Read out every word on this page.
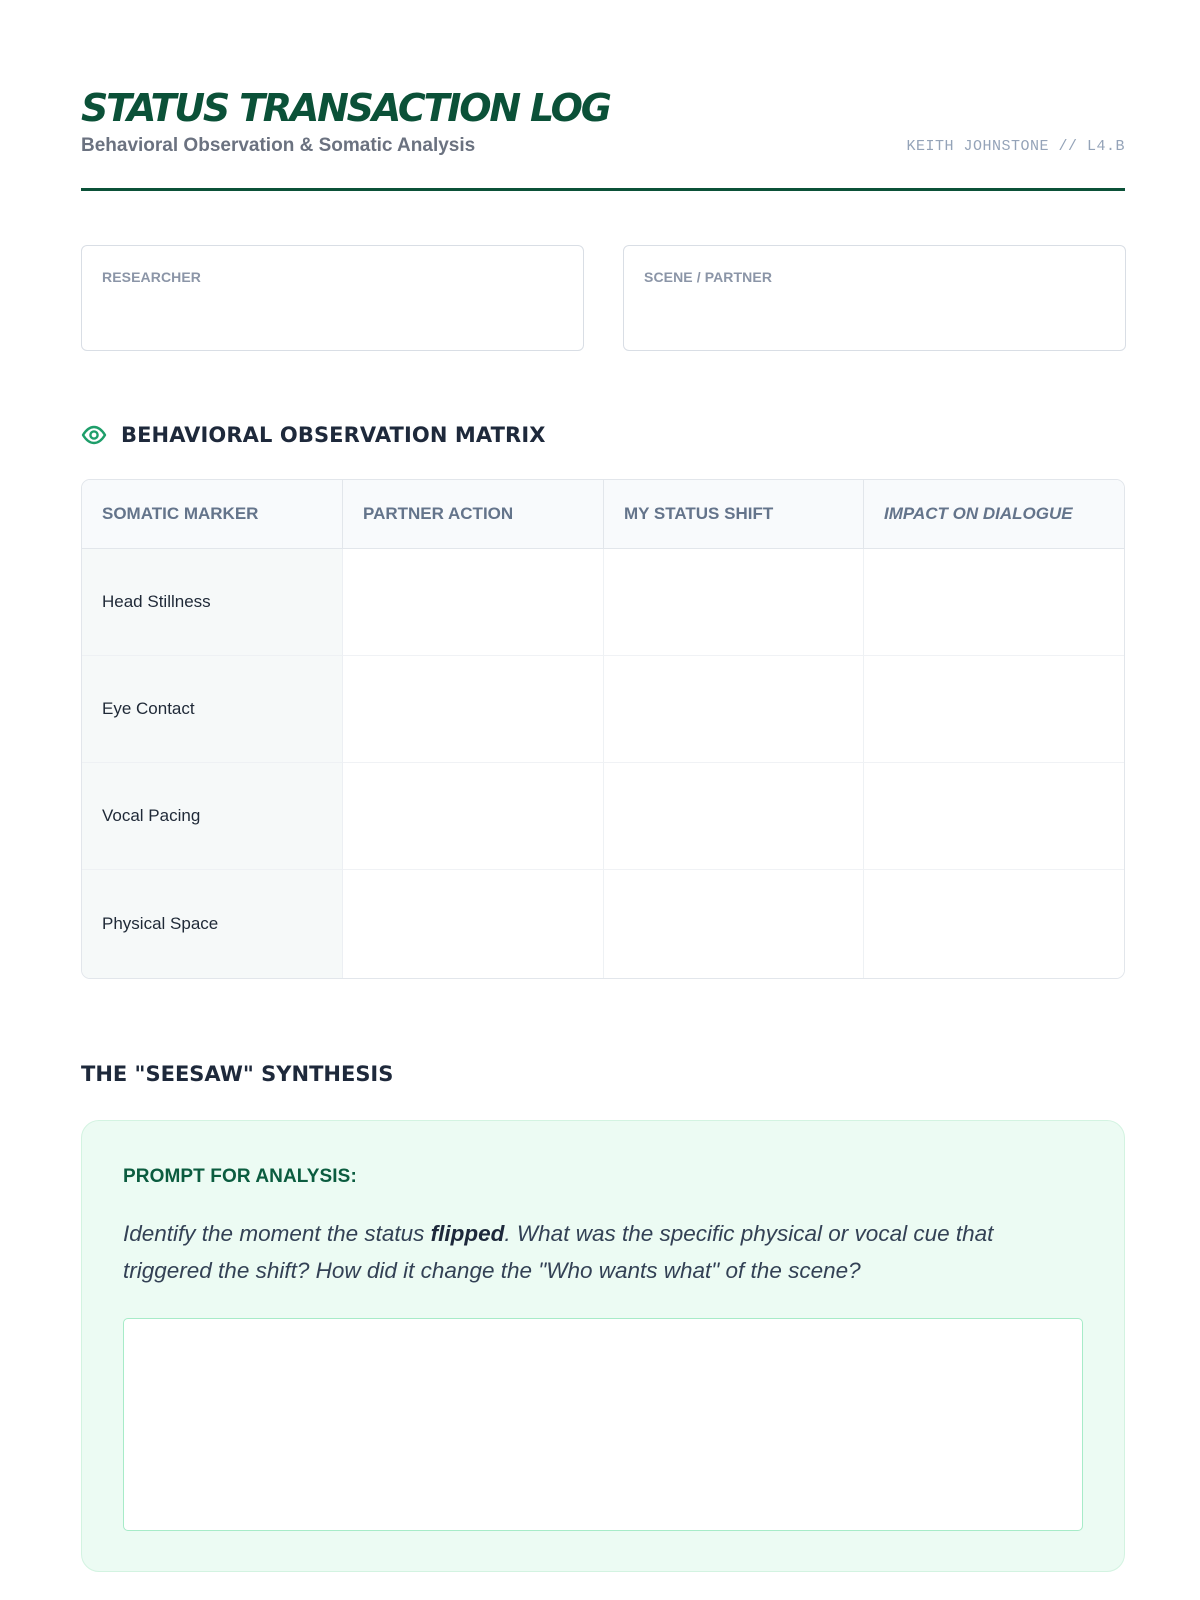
STATUS TRANSACTION LOG
Behavioral Observation & Somatic Analysis	KEITH JOHNSTONE // L4.B
RESEARCHER	SCENE / PARTNER
BEHAVIORAL OBSERVATION MATRIX
SOMATIC MARKER	PARTNER ACTION	MY STATUS SHIFT	IMPACT ON DIALOGUE
Head Stillness
Eye Contact
Vocal Pacing
Physical Space
THE "SEESAW" SYNTHESIS
PROMPT FOR ANALYSIS:
Identify the moment the status flipped. What was the specific physical or vocal cue that triggered the shift? How did it change the "Who wants what" of the scene?
